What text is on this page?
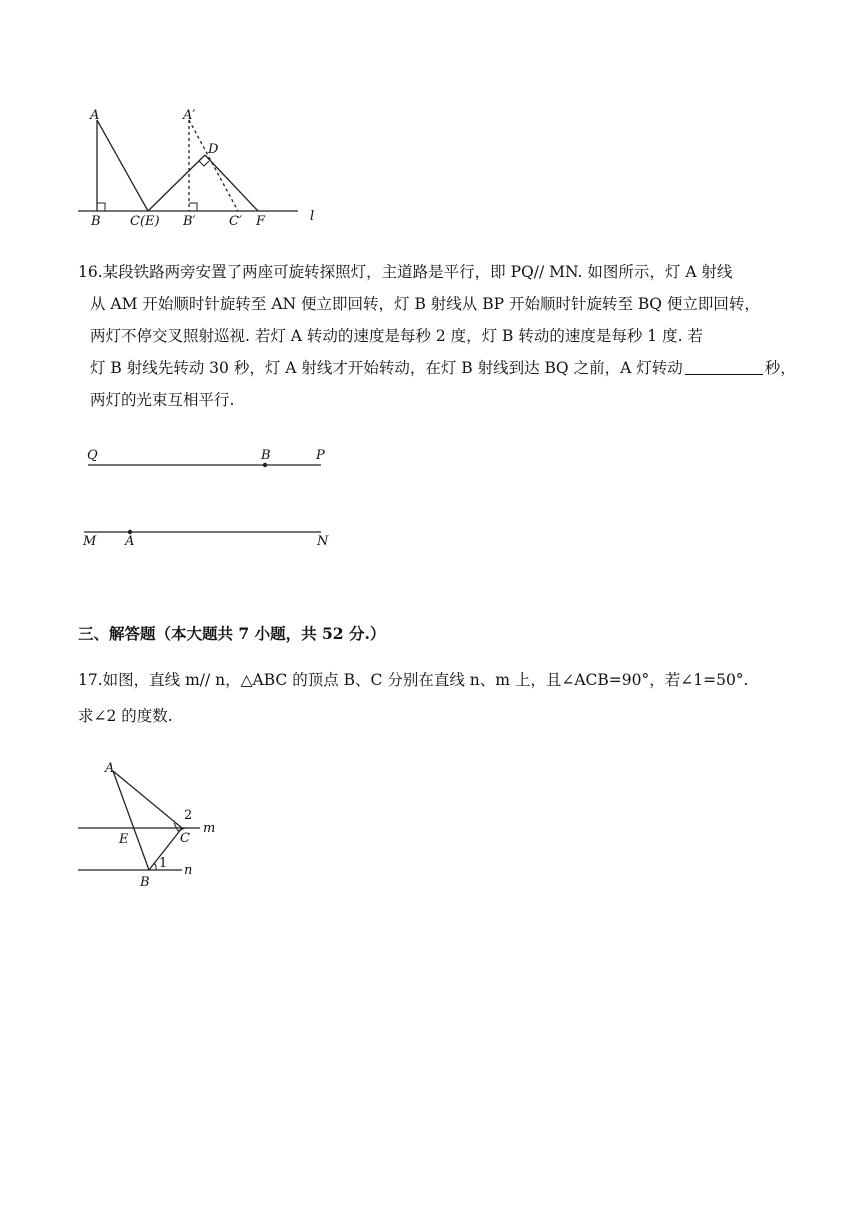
A	A′
D
B C(E) B′	C′ F	l
16.某段铁路两旁安置了两座可旋转探照灯，主道路是平行，即 PQ// MN. 如图所示，灯 A 射线
从 AM 开始顺时针旋转至 AN 便立即回转，灯 B 射线从 BP 开始顺时针旋转至 BQ 便立即回转，
两灯不停交叉照射巡视. 若灯 A 转动的速度是每秒 2 度，灯 B 转动的速度是每秒 1 度. 若
灯 B 射线先转动 30 秒，灯 A 射线才开始转动，在灯 B 射线到达 BQ 之前，A 灯转动	秒，
两灯的光束互相平行.
Q	B	P
M A	N
三、解答题（本大题共 7 小题，共 52 分.）
17.如图，直线 m// n，△ABC 的顶点 B、C 分别在直线 n、m 上，且∠ACB=90°，若∠1=50°.
求∠2 的度数.
A
E	C
2
m
1 n
B
